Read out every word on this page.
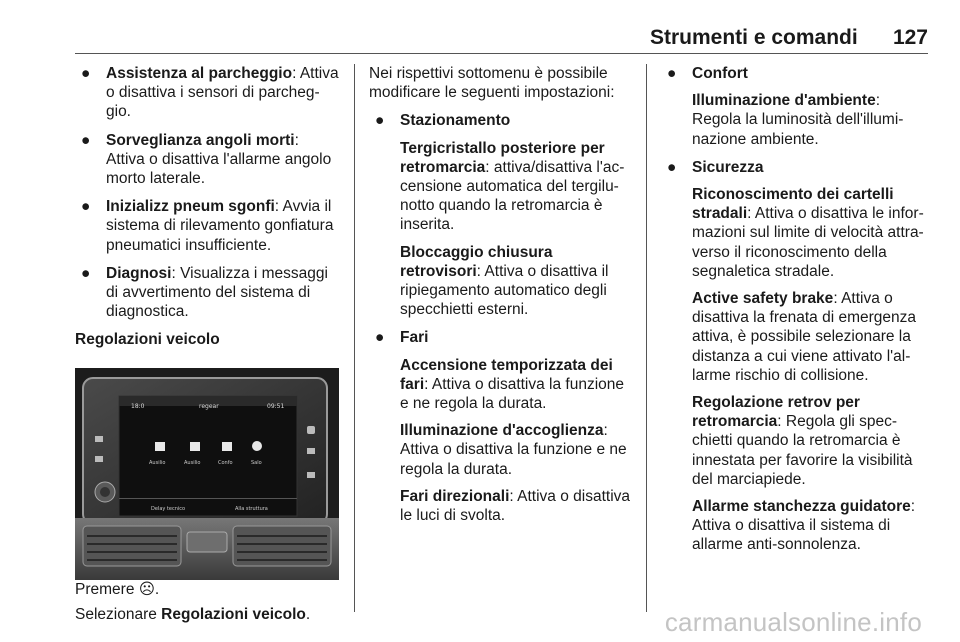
Strumenti e comandi	127
● Assistenza al parcheggio: Attiva o disattiva i sensori di parcheg-gio.
● Sorveglianza angoli morti: Attiva o disattiva l'allarme angolo morto laterale.
● Inizializz pneum sgonfi: Avvia il sistema di rilevamento gonfiatura pneumatici insufficiente.
● Diagnosi: Visualizza i messaggi di avvertimento del sistema di diagnostica.

Regolazioni veicolo

18:0	regear	09:51
Ausilio	Ausilio	Confo	Salo
Delay tecnico	Alla struttura

Premere ☹.

Selezionare Regolazioni veicolo.

Nei rispettivi sottomenu è possibile modificare le seguenti impostazioni:

● Stazionamento

Tergicristallo posteriore per retromarcia: attiva/disattiva l'ac-censione automatica del tergilu-notto quando la retromarcia è inserita.

Bloccaggio chiusura retrovisori: Attiva o disattiva il ripiegamento automatico degli specchietti esterni.

● Fari

Accensione temporizzata dei fari: Attiva o disattiva la funzione e ne regola la durata.

Illuminazione d'accoglienza: Attiva o disattiva la funzione e ne regola la durata.

Fari direzionali: Attiva o disattiva le luci di svolta.

● Confort

Illuminazione d'ambiente: Regola la luminosità dell'illumi-nazione ambiente.

● Sicurezza

Riconoscimento dei cartelli stradali: Attiva o disattiva le infor-mazioni sul limite di velocità attra-verso il riconoscimento della segnaletica stradale.

Active safety brake: Attiva o disattiva la frenata di emergenza attiva, è possibile selezionare la distanza a cui viene attivato l'al-larme rischio di collisione.

Regolazione retrov per retromarcia: Regola gli spec-chietti quando la retromarcia è innestata per favorire la visibilità del marciapiede.

Allarme stanchezza guidatore: Attiva o disattiva il sistema di allarme anti-sonnolenza.

carmanualsonline.info
